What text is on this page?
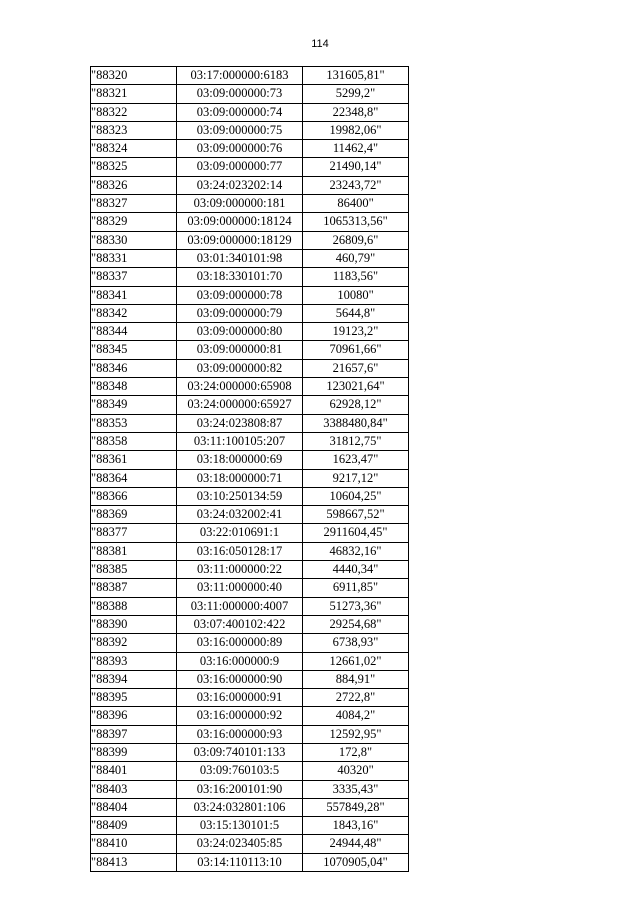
114
"88320	03:17:000000:6183	131605,81"
"88321	03:09:000000:73	5299,2"
"88322	03:09:000000:74	22348,8"
"88323	03:09:000000:75	19982,06"
"88324	03:09:000000:76	11462,4"
"88325	03:09:000000:77	21490,14"
"88326	03:24:023202:14	23243,72"
"88327	03:09:000000:181	86400"
"88329	03:09:000000:18124	1065313,56"
"88330	03:09:000000:18129	26809,6"
"88331	03:01:340101:98	460,79"
"88337	03:18:330101:70	1183,56"
"88341	03:09:000000:78	10080"
"88342	03:09:000000:79	5644,8"
"88344	03:09:000000:80	19123,2"
"88345	03:09:000000:81	70961,66"
"88346	03:09:000000:82	21657,6"
"88348	03:24:000000:65908	123021,64"
"88349	03:24:000000:65927	62928,12"
"88353	03:24:023808:87	3388480,84"
"88358	03:11:100105:207	31812,75"
"88361	03:18:000000:69	1623,47"
"88364	03:18:000000:71	9217,12"
"88366	03:10:250134:59	10604,25"
"88369	03:24:032002:41	598667,52"
"88377	03:22:010691:1	2911604,45"
"88381	03:16:050128:17	46832,16"
"88385	03:11:000000:22	4440,34"
"88387	03:11:000000:40	6911,85"
"88388	03:11:000000:4007	51273,36"
"88390	03:07:400102:422	29254,68"
"88392	03:16:000000:89	6738,93"
"88393	03:16:000000:9	12661,02"
"88394	03:16:000000:90	884,91"
"88395	03:16:000000:91	2722,8"
"88396	03:16:000000:92	4084,2"
"88397	03:16:000000:93	12592,95"
"88399	03:09:740101:133	172,8"
"88401	03:09:760103:5	40320"
"88403	03:16:200101:90	3335,43"
"88404	03:24:032801:106	557849,28"
"88409	03:15:130101:5	1843,16"
"88410	03:24:023405:85	24944,48"
"88413	03:14:110113:10	1070905,04"
